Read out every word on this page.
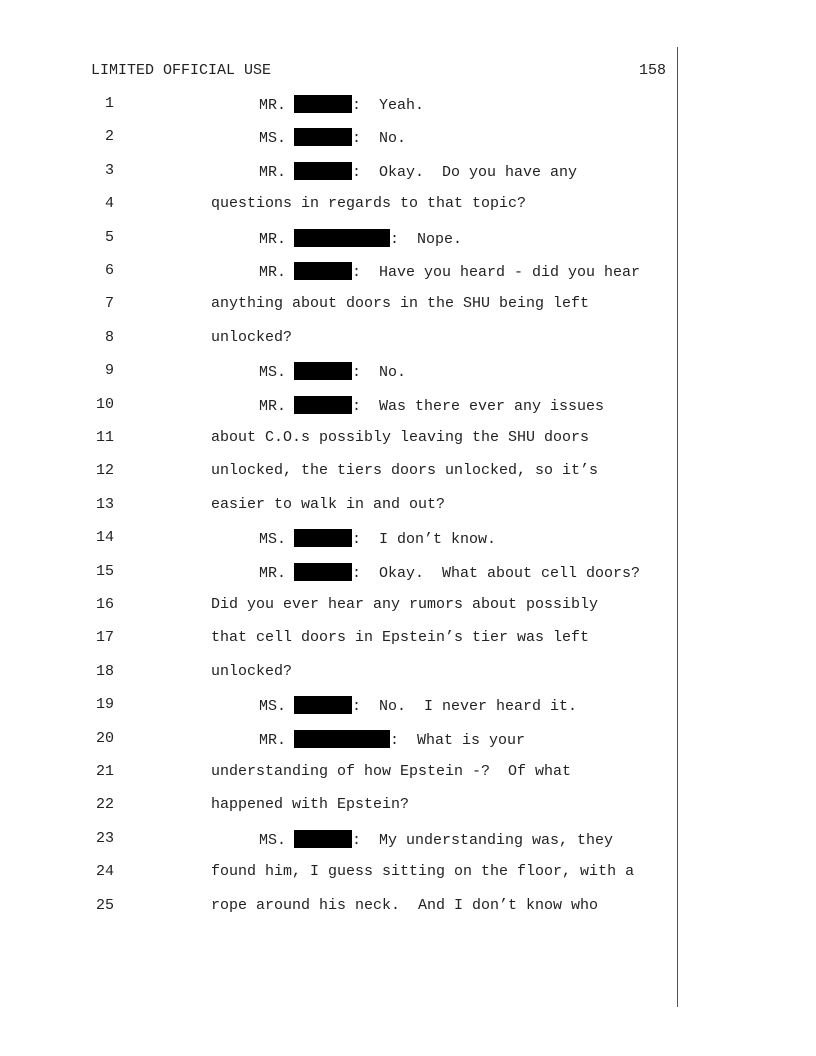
LIMITED OFFICIAL USE	158
1	MR.	:  Yeah.
2	MS.	:  No.
3	MR.	:  Okay.  Do you have any
4	questions in regards to that topic?
5	MR.	:  Nope.
6	MR.	:  Have you heard - did you hear
7	anything about doors in the SHU being left
8	unlocked?
9	MS.	:  No.
10	MR.	:  Was there ever any issues
11	about C.O.s possibly leaving the SHU doors
12	unlocked, the tiers doors unlocked, so it’s
13	easier to walk in and out?
14	MS.	:  I don’t know.
15	MR.	:  Okay.  What about cell doors?
16	Did you ever hear any rumors about possibly
17	that cell doors in Epstein’s tier was left
18	unlocked?
19	MS.	:  No.  I never heard it.
20	MR.	:  What is your
21	understanding of how Epstein -?  Of what
22	happened with Epstein?
23	MS.	:  My understanding was, they
24	found him, I guess sitting on the floor, with a
25	rope around his neck.  And I don’t know who
